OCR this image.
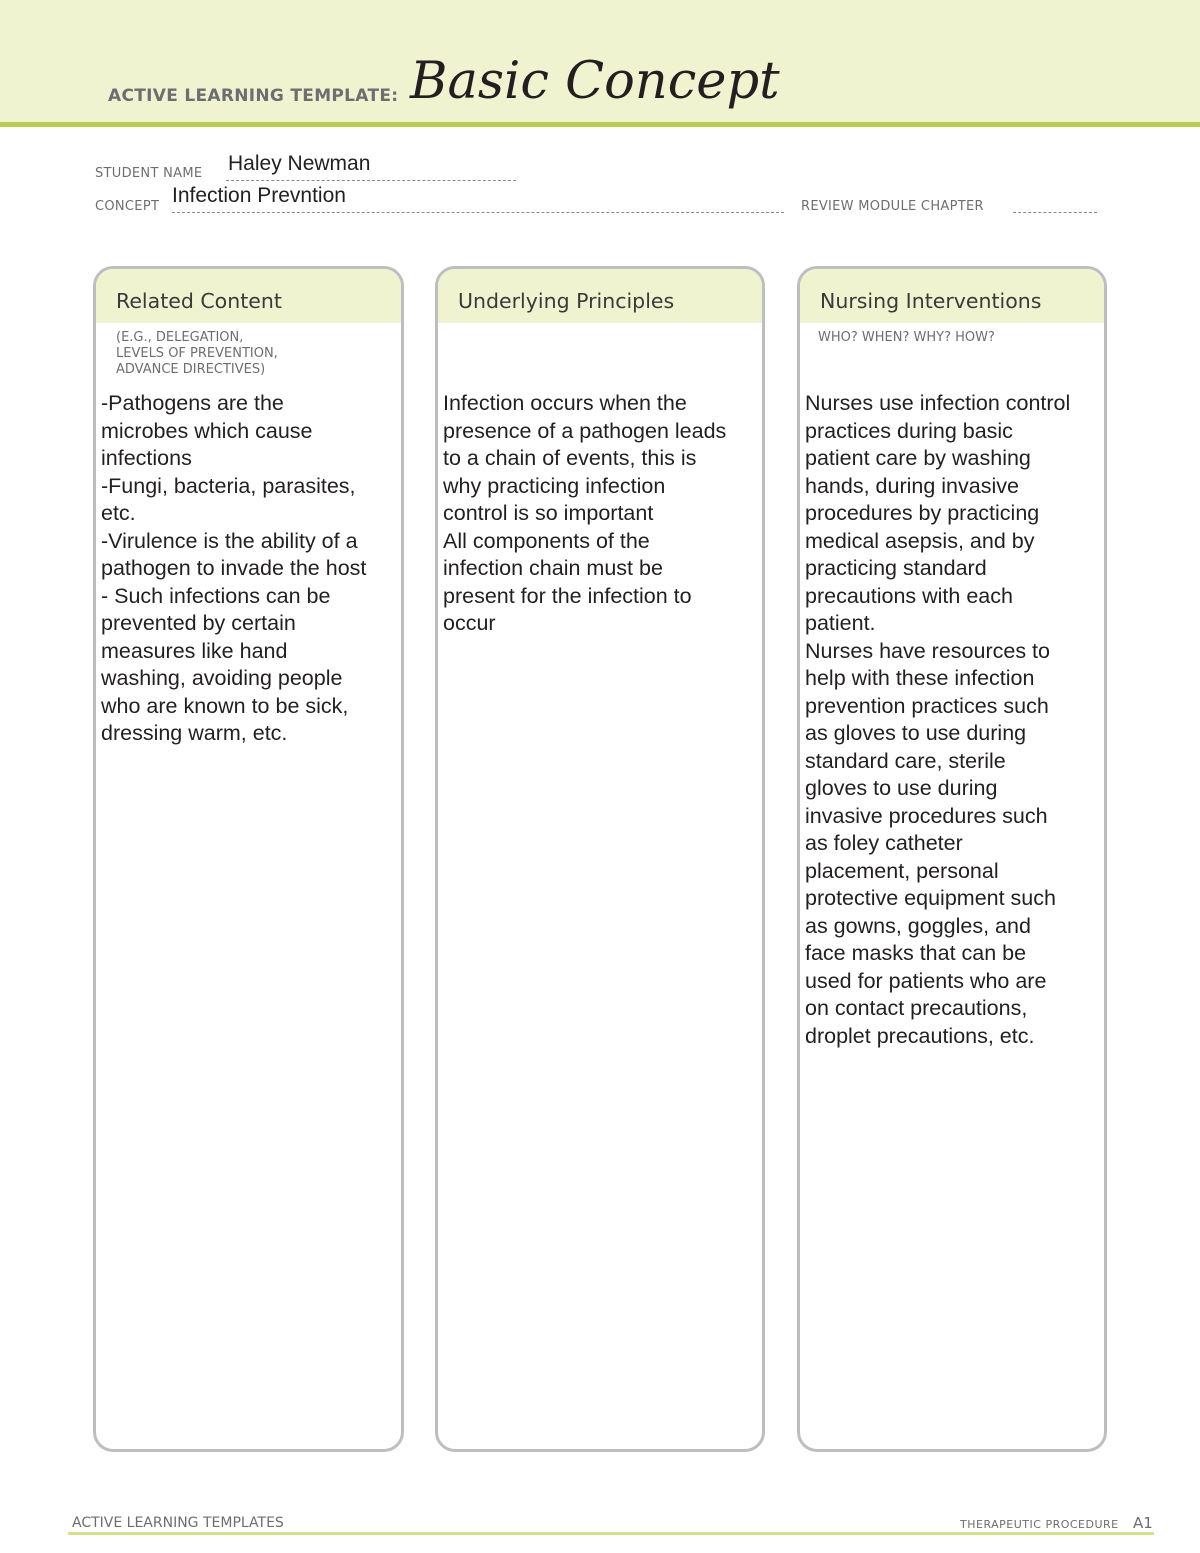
ACTIVE LEARNING TEMPLATE: Basic Concept
STUDENT NAME Haley Newman
CONCEPT Infection Prevntion	REVIEW MODULE CHAPTER
Related Content
(E.G., DELEGATION,
LEVELS OF PREVENTION,
ADVANCE DIRECTIVES)
-Pathogens are the
microbes which cause
infections
-Fungi, bacteria, parasites,
etc.
-Virulence is the ability of a
pathogen to invade the host
- Such infections can be
prevented by certain
measures like hand
washing, avoiding people
who are known to be sick,
dressing warm, etc.
Underlying Principles
Infection occurs when the
presence of a pathogen leads
to a chain of events, this is
why practicing infection
control is so important
All components of the
infection chain must be
present for the infection to
occur
Nursing Interventions
WHO? WHEN? WHY? HOW?
Nurses use infection control
practices during basic
patient care by washing
hands, during invasive
procedures by practicing
medical asepsis, and by
practicing standard
precautions with each
patient.
Nurses have resources to
help with these infection
prevention practices such
as gloves to use during
standard care, sterile
gloves to use during
invasive procedures such
as foley catheter
placement, personal
protective equipment such
as gowns, goggles, and
face masks that can be
used for patients who are
on contact precautions,
droplet precautions, etc.
ACTIVE LEARNING TEMPLATES	THERAPEUTIC PROCEDURE A1
